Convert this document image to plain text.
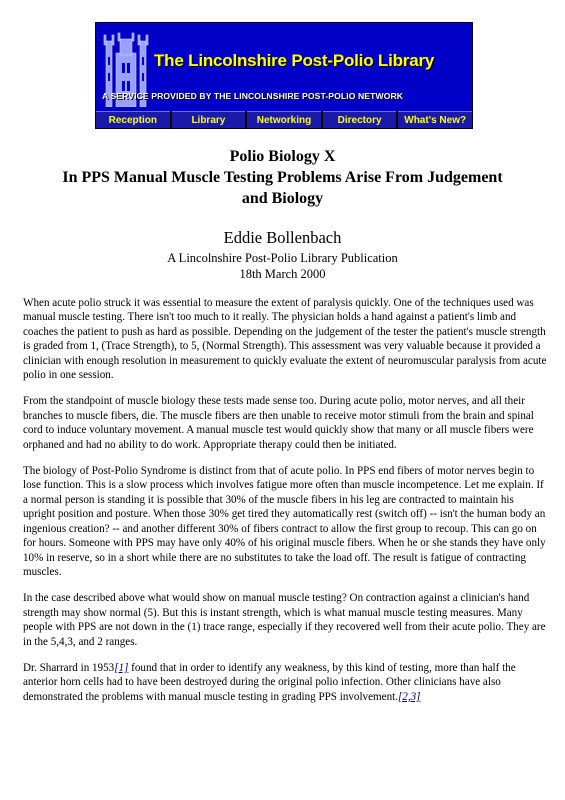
The Lincolnshire Post-Polio Library
A SERVICE PROVIDED BY THE LINCOLNSHIRE POST-POLIO NETWORK
Reception	Library	Networking	Directory	What's New?
Polio Biology X
In PPS Manual Muscle Testing Problems Arise From Judgement
and Biology
Eddie Bollenbach
A Lincolnshire Post-Polio Library Publication
18th March 2000

When acute polio struck it was essential to measure the extent of paralysis quickly. One of the techniques used was manual muscle testing. There isn't too much to it really. The physician holds a hand against a patient's limb and coaches the patient to push as hard as possible. Depending on the judgement of the tester the patient's muscle strength is graded from 1, (Trace Strength), to 5, (Normal Strength). This assessment was very valuable because it provided a clinician with enough resolution in measurement to quickly evaluate the extent of neuromuscular paralysis from acute polio in one session.

From the standpoint of muscle biology these tests made sense too. During acute polio, motor nerves, and all their branches to muscle fibers, die. The muscle fibers are then unable to receive motor stimuli from the brain and spinal cord to induce voluntary movement. A manual muscle test would quickly show that many or all muscle fibers were orphaned and had no ability to do work. Appropriate therapy could then be initiated.

The biology of Post-Polio Syndrome is distinct from that of acute polio. In PPS end fibers of motor nerves begin to lose function. This is a slow process which involves fatigue more often than muscle incompetence. Let me explain. If a normal person is standing it is possible that 30% of the muscle fibers in his leg are contracted to maintain his upright position and posture. When those 30% get tired they automatically rest (switch off) -- isn't the human body an ingenious creation? -- and another different 30% of fibers contract to allow the first group to recoup. This can go on for hours. Someone with PPS may have only 40% of his original muscle fibers. When he or she stands they have only 10% in reserve, so in a short while there are no substitutes to take the load off. The result is fatigue of contracting muscles.

In the case described above what would show on manual muscle testing? On contraction against a clinician's hand strength may show normal (5). But this is instant strength, which is what manual muscle testing measures. Many people with PPS are not down in the (1) trace range, especially if they recovered well from their acute polio. They are in the 5,4,3, and 2 ranges.

Dr. Sharrard in 1953[1] found that in order to identify any weakness, by this kind of testing, more than half the anterior horn cells had to have been destroyed during the original polio infection. Other clinicians have also demonstrated the problems with manual muscle testing in grading PPS involvement.[2,3]
